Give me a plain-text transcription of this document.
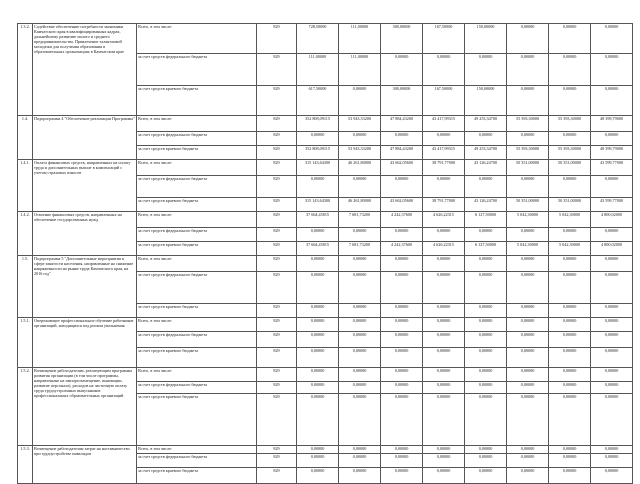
1.3.2.	Содействие обеспечению потребности экономики Камчатского края в квалифицированных кадрах, дальнейшему развитию малого и среднего предпринимательства. Привлечение талантливой молодежи для получения образования в образовательных организациях в Камчатском крае	Всего, в том числе:	829	728,50000	111,00000	300,00000	167,50000	150,00000	0,00000	0,00000	0,00000
		за счет средств федерального бюджета	829	111,00000	111,00000	0,00000	0,00000	0,00000	0,00000	0,00000	0,00000
		за счет средств краевого бюджета	829	617,50000	0,00000	300,00000	167,50000	150,00000	0,00000	0,00000	0,00000
1.4.	Подпрограмма 4 "Обеспечение реализации Программы"	Всего, в том числе:	829	352 808,09115	53 943,33200	47 884,43200	43 417,99315	49 253,34700	55 393,30000	55 393,30000	48 399,79000
		за счет средств федерального бюджета	829	0,00000	0,00000	0,00000	0,00000	0,00000	0,00000	0,00000	0,00000
		за счет средств краевого бюджета	829	352 808,09115	53 943,33200	47 884,43200	43 417,99315	49 253,34700	55 393,30000	55 393,30000	48 399,79000
1.4.1.	Оплата финансовых средств, направленных на оплату труда и дополнительных выплат в компенсаций с учетом страховых взносов	Всего, в том числе:	829	315 143,64300	46 261,80000	43 662,05600	38 791,77000	43 126,24700	50 351,00000	50 351,00000	43 599,77000
		за счет средств федерального бюджета	829	0,00000	0,00000	0,00000	0,00000	0,00000	0,00000	0,00000	0,00000
		за счет средств краевого бюджета	829	315 143,64300	46 261,80000	43 662,05600	38 791,77000	43 126,24700	50 351,00000	50 351,00000	43 599,77000
1.4.2.	Освоение финансовых средств, направленных на обеспечение государственных нужд	Всего, в том числе:	829	37 664,45815	7 681,73200	4 242,37600	4 626,22315	6 127,50000	5 042,30000	5 042,30000	4 800,02000
		за счет средств федерального бюджета	829	0,00000	0,00000	0,00000	0,00000	0,00000	0,00000	0,00000	0,00000
		за счет средств краевого бюджета	829	37 664,45815	7 681,73200	4 242,37600	4 626,22315	6 127,50000	5 042,30000	5 042,30000	4 800,02000
1.5.	Подпрограмма 5 "Дополнительные мероприятия в сфере занятости населения, направленные на снижение напряженности на рынке труда Камчатского края, на 2016 год"	Всего, в том числе:	829	0,00000	0,00000	0,00000	0,00000	0,00000	0,00000	0,00000	0,00000
		за счет средств федерального бюджета	829	0,00000	0,00000	0,00000	0,00000	0,00000	0,00000	0,00000	0,00000
		за счет средств краевого бюджета	829	0,00000	0,00000	0,00000	0,00000	0,00000	0,00000	0,00000	0,00000
1.5.1.	Опережающее профессиональное обучение работников организаций, находящихся под риском увольнения	Всего, в том числе:	829	0,00000	0,00000	0,00000	0,00000	0,00000	0,00000	0,00000	0,00000
		за счет средств федерального бюджета	829	0,00000	0,00000	0,00000	0,00000	0,00000	0,00000	0,00000	0,00000
		за счет средств краевого бюджета	829	0,00000	0,00000	0,00000	0,00000	0,00000	0,00000	0,00000	0,00000
1.5.2.	Возмещение работодателям, реализующим программы развития организации (в том числе программы, направленные на импортозамещение, инновации, развитие персонала), расходов на частичную оплату труда трудоустроенных выпускников профессиональных образовательных организаций	Всего, в том числе:	829	0,00000	0,00000	0,00000	0,00000	0,00000	0,00000	0,00000	0,00000
		за счет средств федерального бюджета	829	0,00000	0,00000	0,00000	0,00000	0,00000	0,00000	0,00000	0,00000
		за счет средств краевого бюджета	829	0,00000	0,00000	0,00000	0,00000	0,00000	0,00000	0,00000	0,00000
1.5.3.	Возмещение работодателям затрат на наставничество при трудоустройстве инвалидов	Всего, в том числе:	829	0,00000	0,00000	0,00000	0,00000	0,00000	0,00000	0,00000	0,00000
		за счет средств федерального бюджета	829	0,00000	0,00000	0,00000	0,00000	0,00000	0,00000	0,00000	0,00000
		за счет средств краевого бюджета	829	0,00000	0,00000	0,00000	0,00000	0,00000	0,00000	0,00000	0,00000
